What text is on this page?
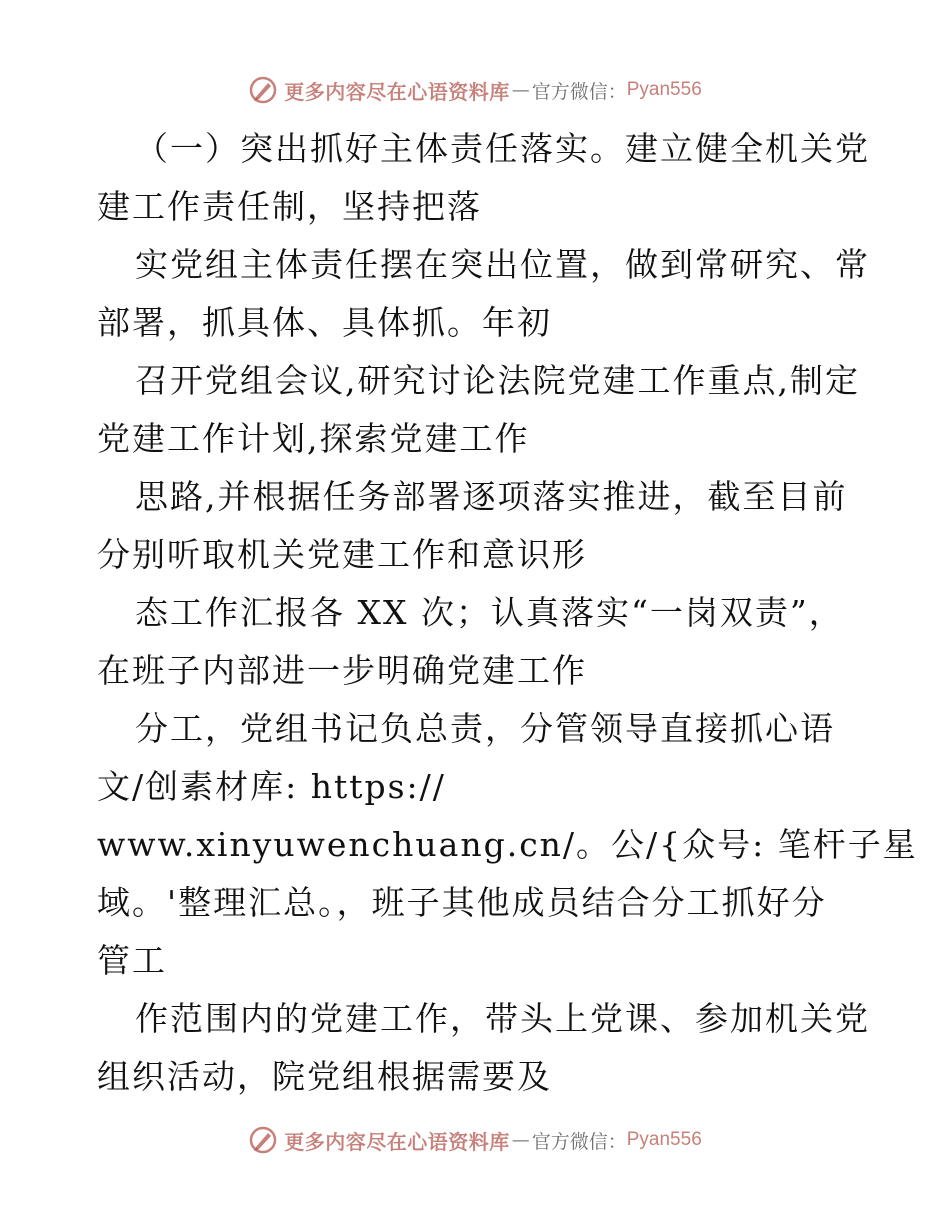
更多内容尽在心语资料库 — 官方微信： Pyan556
（一）突出抓好主体责任落实。建立健全机关党
建工作责任制，坚持把落
实党组主体责任摆在突出位置，做到常研究、常
部署，抓具体、具体抓。年初
召开党组会议,研究讨论法院党建工作重点,制定
党建工作计划,探索党建工作
思路,并根据任务部署逐项落实推进，截至目前
分别听取机关党建工作和意识形
态工作汇报各 XX 次；认真落实“一岗双责”，
在班子内部进一步明确党建工作
分工，党组书记负总责，分管领导直接抓心语
文/创素材库: https://
www.xinyuwenchuang.cn/。公/{众号: 笔杆子星
域。'整理汇总。，班子其他成员结合分工抓好分
管工
作范围内的党建工作，带头上党课、参加机关党
组织活动，院党组根据需要及
更多内容尽在心语资料库 — 官方微信： Pyan556
